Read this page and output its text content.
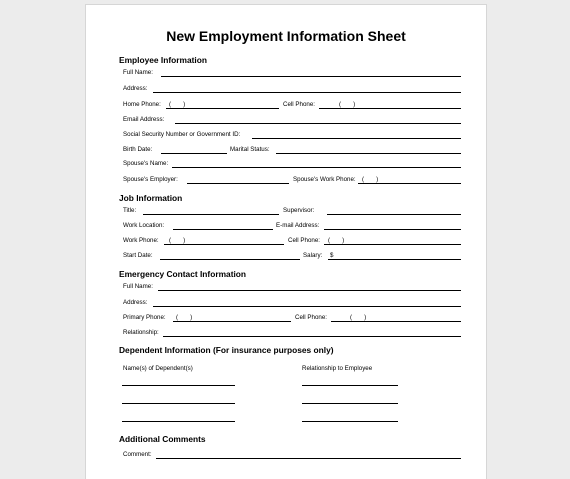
New Employment Information Sheet
Employee Information
Full Name:
Address:
Home Phone: ( )	Cell Phone:	( )
Email Address:
Social Security Number or Government ID:
Birth Date:	Marital Status:
Spouse's Name:
Spouse's Employer:	Spouse's Work Phone: ( )
Job Information
Title:	Supervisor:
Work Location:	E-mail Address:
Work Phone: ( )	Cell Phone: ( )
Start Date:	Salary: $
Emergency Contact Information
Full Name:
Address:
Primary Phone: ( )	Cell Phone:	( )
Relationship:
Dependent Information (For insurance purposes only)
Name(s) of Dependent(s)	Relationship to Employee
Additional Comments
Comment:
